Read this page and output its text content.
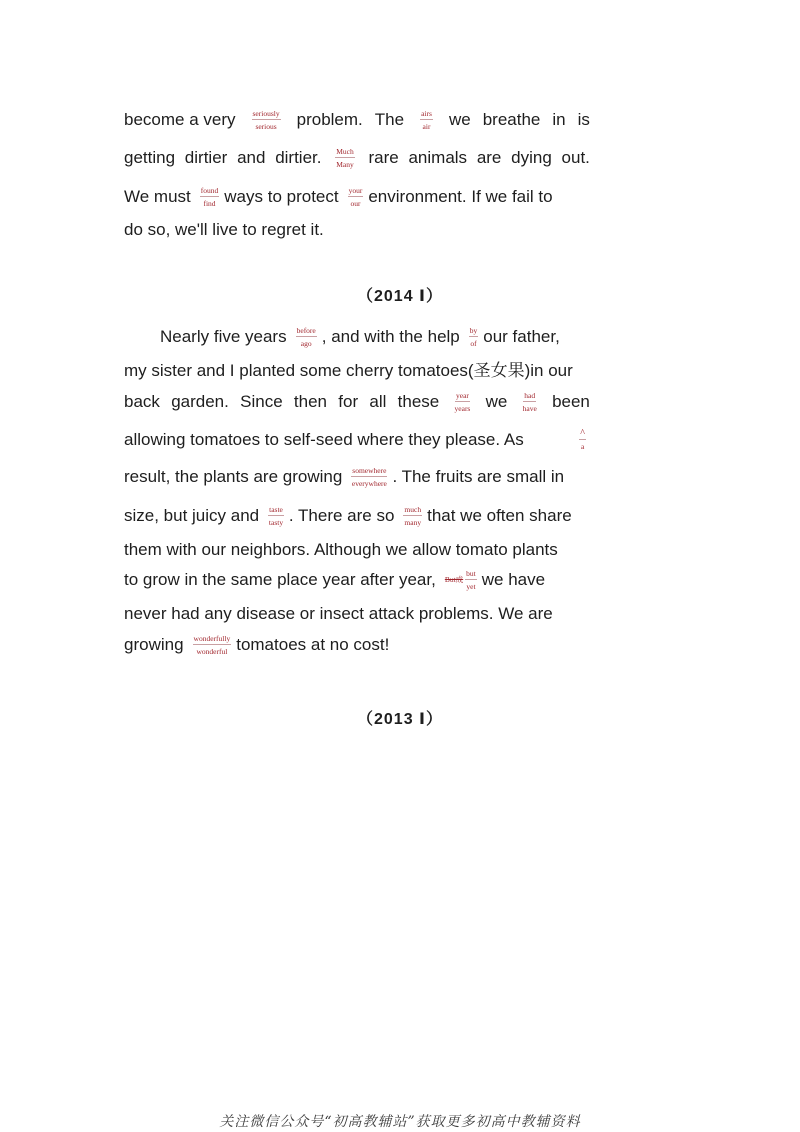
become a very seriously
serious problem. The airs
air we breathe in is
getting dirtier and dirtier. Much
Many rare animals are dying out.
We must found
find ways to protect your
our environment. If we fail to
do so, we'll live to regret it.
（2014 Ⅰ）
Nearly five years before
ago , and with the help by
of our father,
my sister and I planted some cherry tomatoes(圣女果)in our
back garden. Since then for all these year
years we had
have been
allowing tomatoes to self-seed where they please. As	^
a
result, the plants are growing somewhere
everywhere . The fruits are small in
size, but juicy and taste
tasty . There are so much
many that we often share
them with our neighbors. Although we allow tomato plants
to grow in the same place year after year, But成
but
yet we have
never had any disease or insect attack problems. We are
growing wonderfully
wonderful tomatoes at no cost!
（2013 Ⅰ）
关注微信公众号“初高教辅站”获取更多初高中教辅资料
